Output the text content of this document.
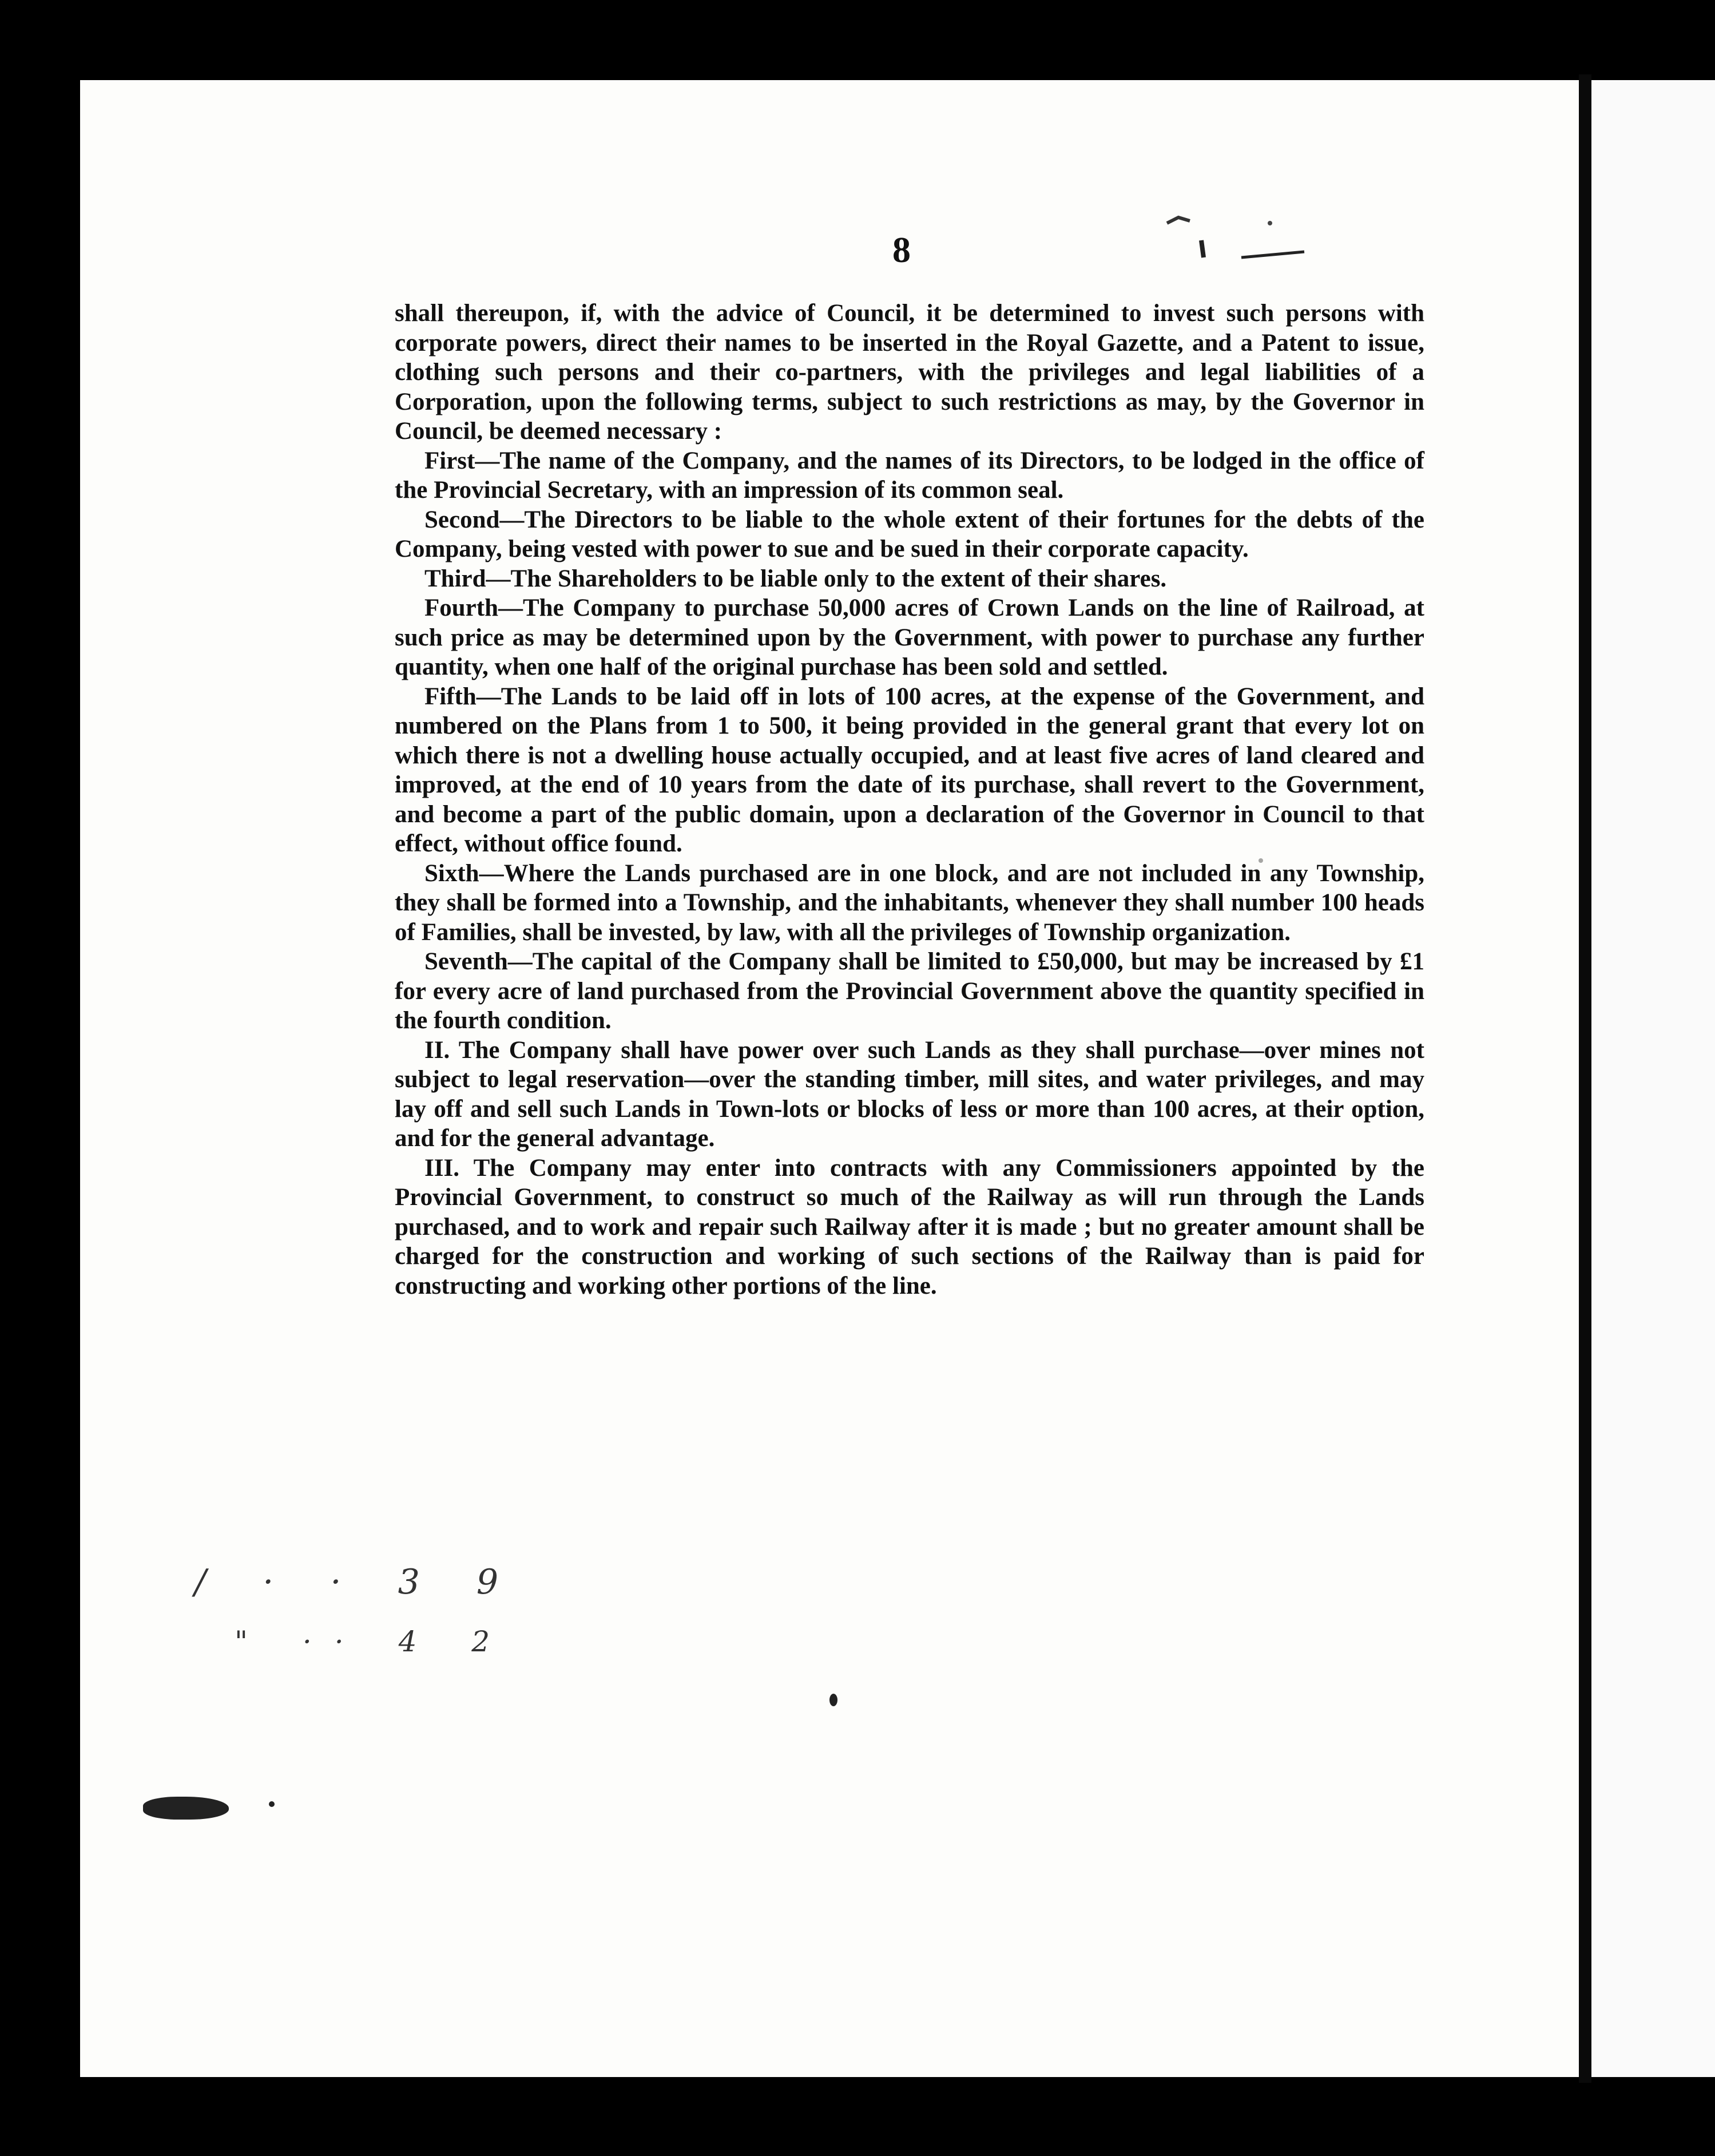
8

shall thereupon, if, with the advice of Council, it be determined to invest such persons with corporate powers, direct their names to be inserted in the Royal Gazette, and a Patent to issue, clothing such persons and their co-partners, with the privileges and legal liabilities of a Corporation, upon the following terms, subject to such restrictions as may, by the Governor in Council, be deemed necessary :

First—The name of the Company, and the names of its Directors, to be lodged in the office of the Provincial Secretary, with an impression of its common seal.

Second—The Directors to be liable to the whole extent of their fortunes for the debts of the Company, being vested with power to sue and be sued in their corporate capacity.

Third—The Shareholders to be liable only to the extent of their shares.

Fourth—The Company to purchase 50,000 acres of Crown Lands on the line of Railroad, at such price as may be determined upon by the Government, with power to purchase any further quantity, when one half of the original purchase has been sold and settled.

Fifth—The Lands to be laid off in lots of 100 acres, at the expense of the Government, and numbered on the Plans from 1 to 500, it being provided in the general grant that every lot on which there is not a dwelling house actually occupied, and at least five acres of land cleared and improved, at the end of 10 years from the date of its purchase, shall revert to the Government, and become a part of the public domain, upon a declaration of the Governor in Council to that effect, without office found.

Sixth—Where the Lands purchased are in one block, and are not included in any Township, they shall be formed into a Township, and the inhabitants, whenever they shall number 100 heads of Families, shall be invested, by law, with all the privileges of Township organization.

Seventh—The capital of the Company shall be limited to £50,000, but may be increased by £1 for every acre of land purchased from the Provincial Government above the quantity specified in the fourth condition.

II. The Company shall have power over such Lands as they shall purchase—over mines not subject to legal reservation—over the standing timber, mill sites, and water privileges, and may lay off and sell such Lands in Town-lots or blocks of less or more than 100 acres, at their option, and for the general advantage.

III. The Company may enter into contracts with any Commissioners appointed by the Provincial Government, to construct so much of the Railway as will run through the Lands purchased, and to work and repair such Railway after it is made ; but no greater amount shall be charged for the construction and working of such sections of the Railway than is paid for constructing and working other portions of the line.

/ · · 3 9
" ·· 4 2
